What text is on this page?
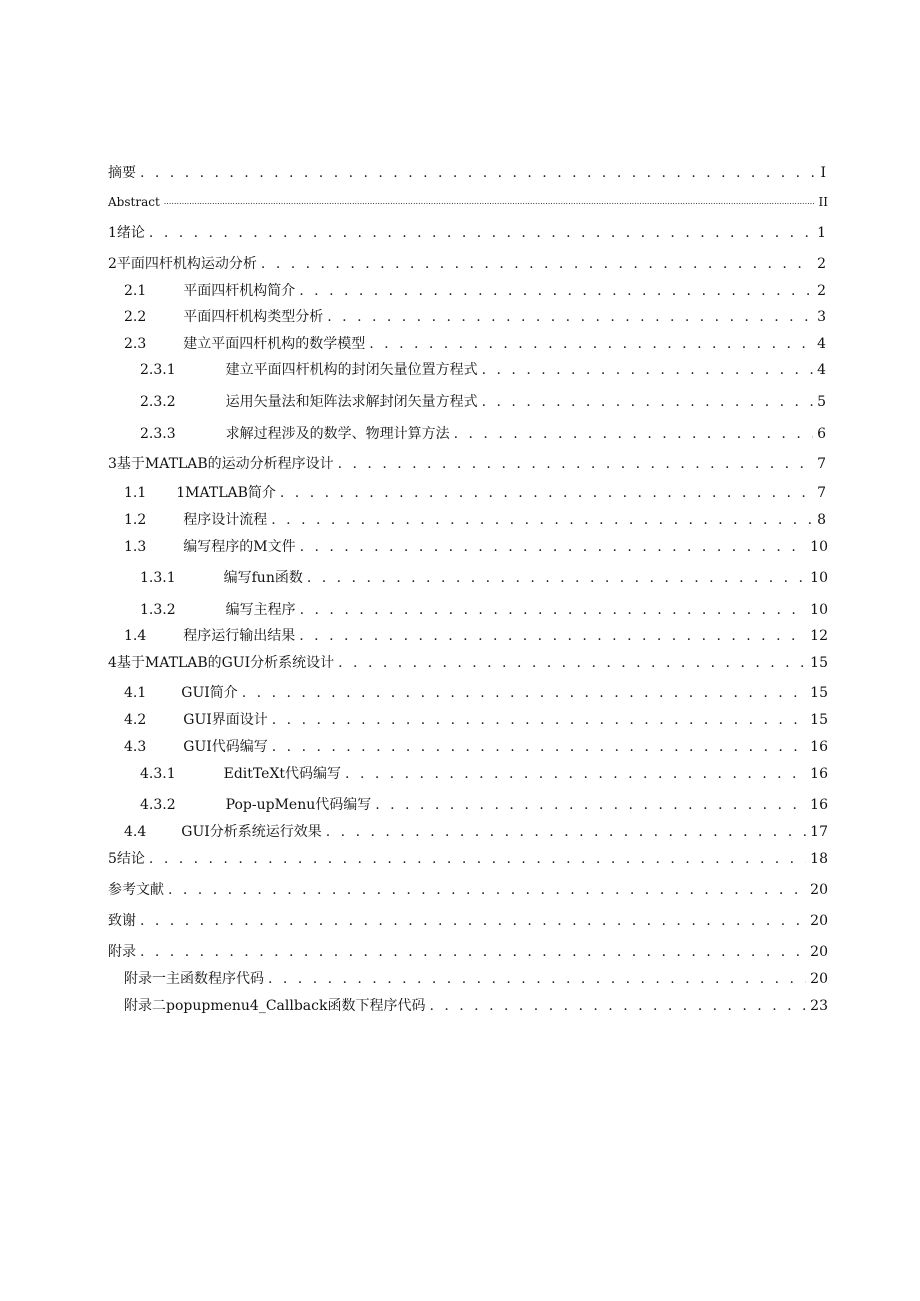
摘要 . . .	I
Abstract .....	II
1绪论 . . .	1
2平面四杆机构运动分析 . . .	2
2.1	平面四杆机构简介 . . .	2
2.2	平面四杆机构类型分析 . . .	3
2.3	建立平面四杆机构的数学模型 . . .	4
2.3.1	建立平面四杆机构的封闭矢量位置方程式 . . .	4
2.3.2	运用矢量法和矩阵法求解封闭矢量方程式 . . .	5
2.3.3	求解过程涉及的数学、物理计算方法 . . .	6
3基于MATLAB的运动分析程序设计 . . .	7
1.1 1MATLAB简介 . . .	7
1.2	程序设计流程 . . .	8
1.3	编写程序的M文件 . . .	10
1.3.1	编写fun函数 . . .	10
1.3.2	编写主程序 . . .	10
1.4	程序运行输出结果 . . .	12
4基于MATLAB的GUI分析系统设计 . . .	15
4.1	GUI简介 . . .	15
4.2	GUI界面设计 . . .	15
4.3	GUI代码编写 . . .	16
4.3.1	EditTeXt代码编写 . . .	16
4.3.2	Pop-upMenu代码编写 . . .	16
4.4	GUI分析系统运行效果 . . .	17
5结论 . . .	18
参考文献 . . .	20
致谢 . . .	20
附录 . . .	20
附录一主函数程序代码 . . .	20
附录二popupmenu4_Callback函数下程序代码 . . .	23
